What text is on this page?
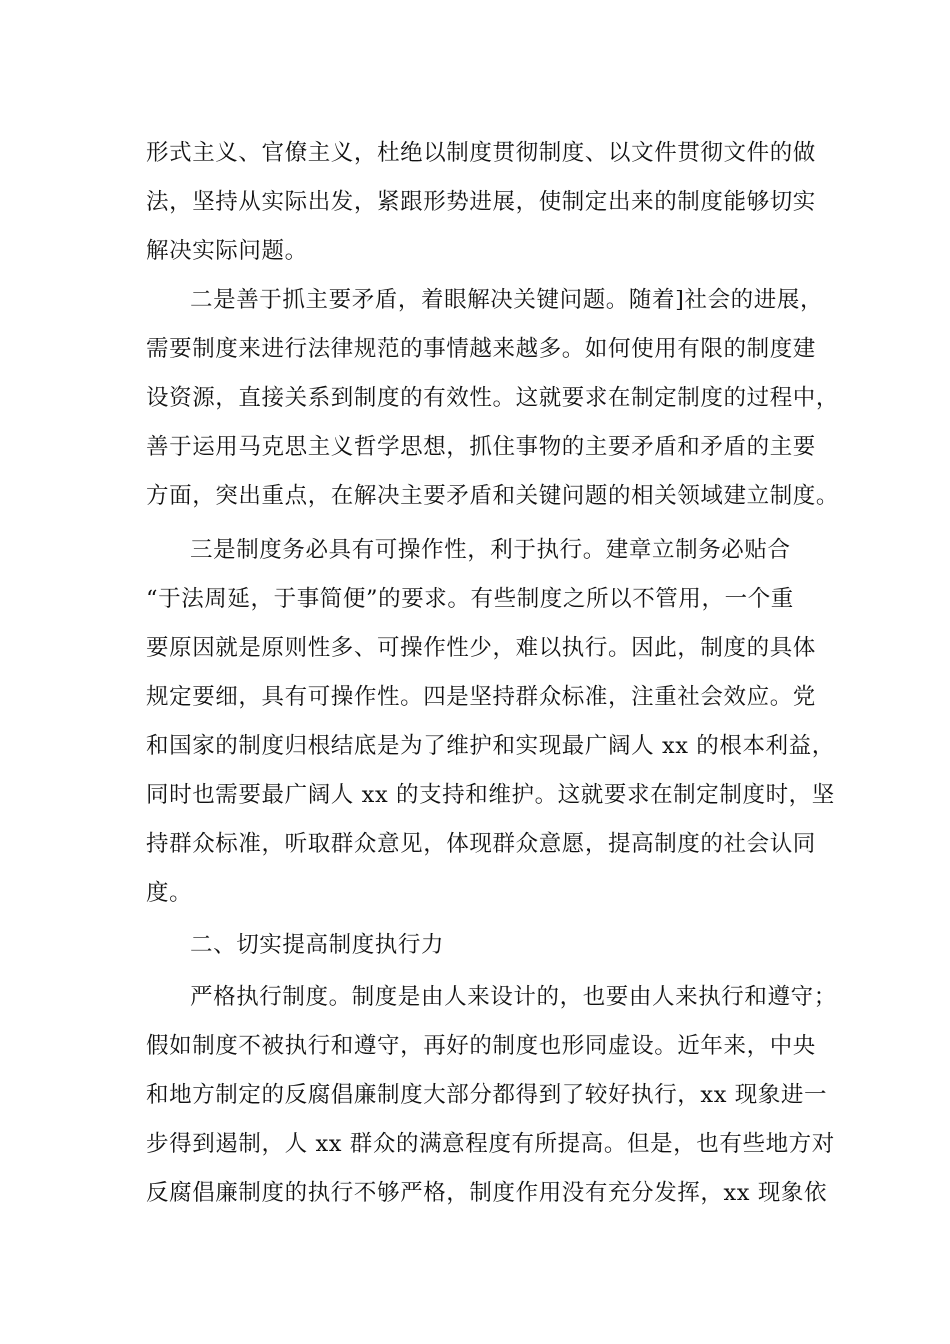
形式主义、官僚主义，杜绝以制度贯彻制度、以文件贯彻文件的做
法，坚持从实际出发，紧跟形势进展，使制定出来的制度能够切实
解决实际问题。
二是善于抓主要矛盾，着眼解决关键问题。随着]社会的进展，
需要制度来进行法律规范的事情越来越多。如何使用有限的制度建
设资源，直接关系到制度的有效性。这就要求在制定制度的过程中，
善于运用马克思主义哲学思想，抓住事物的主要矛盾和矛盾的主要
方面，突出重点，在解决主要矛盾和关键问题的相关领域建立制度。
三是制度务必具有可操作性，利于执行。建章立制务必贴合
“于法周延，于事简便”的要求。有些制度之所以不管用，一个重
要原因就是原则性多、可操作性少，难以执行。因此，制度的具体
规定要细，具有可操作性。四是坚持群众标准，注重社会效应。党
和国家的制度归根结底是为了维护和实现最广阔人 xx 的根本利益，
同时也需要最广阔人 xx 的支持和维护。这就要求在制定制度时，坚
持群众标准，听取群众意见，体现群众意愿，提高制度的社会认同
度。
二、切实提高制度执行力
严格执行制度。制度是由人来设计的，也要由人来执行和遵守；
假如制度不被执行和遵守，再好的制度也形同虚设。近年来，中央
和地方制定的反腐倡廉制度大部分都得到了较好执行，xx 现象进一
步得到遏制，人 xx 群众的满意程度有所提高。但是，也有些地方对
反腐倡廉制度的执行不够严格，制度作用没有充分发挥，xx 现象依
